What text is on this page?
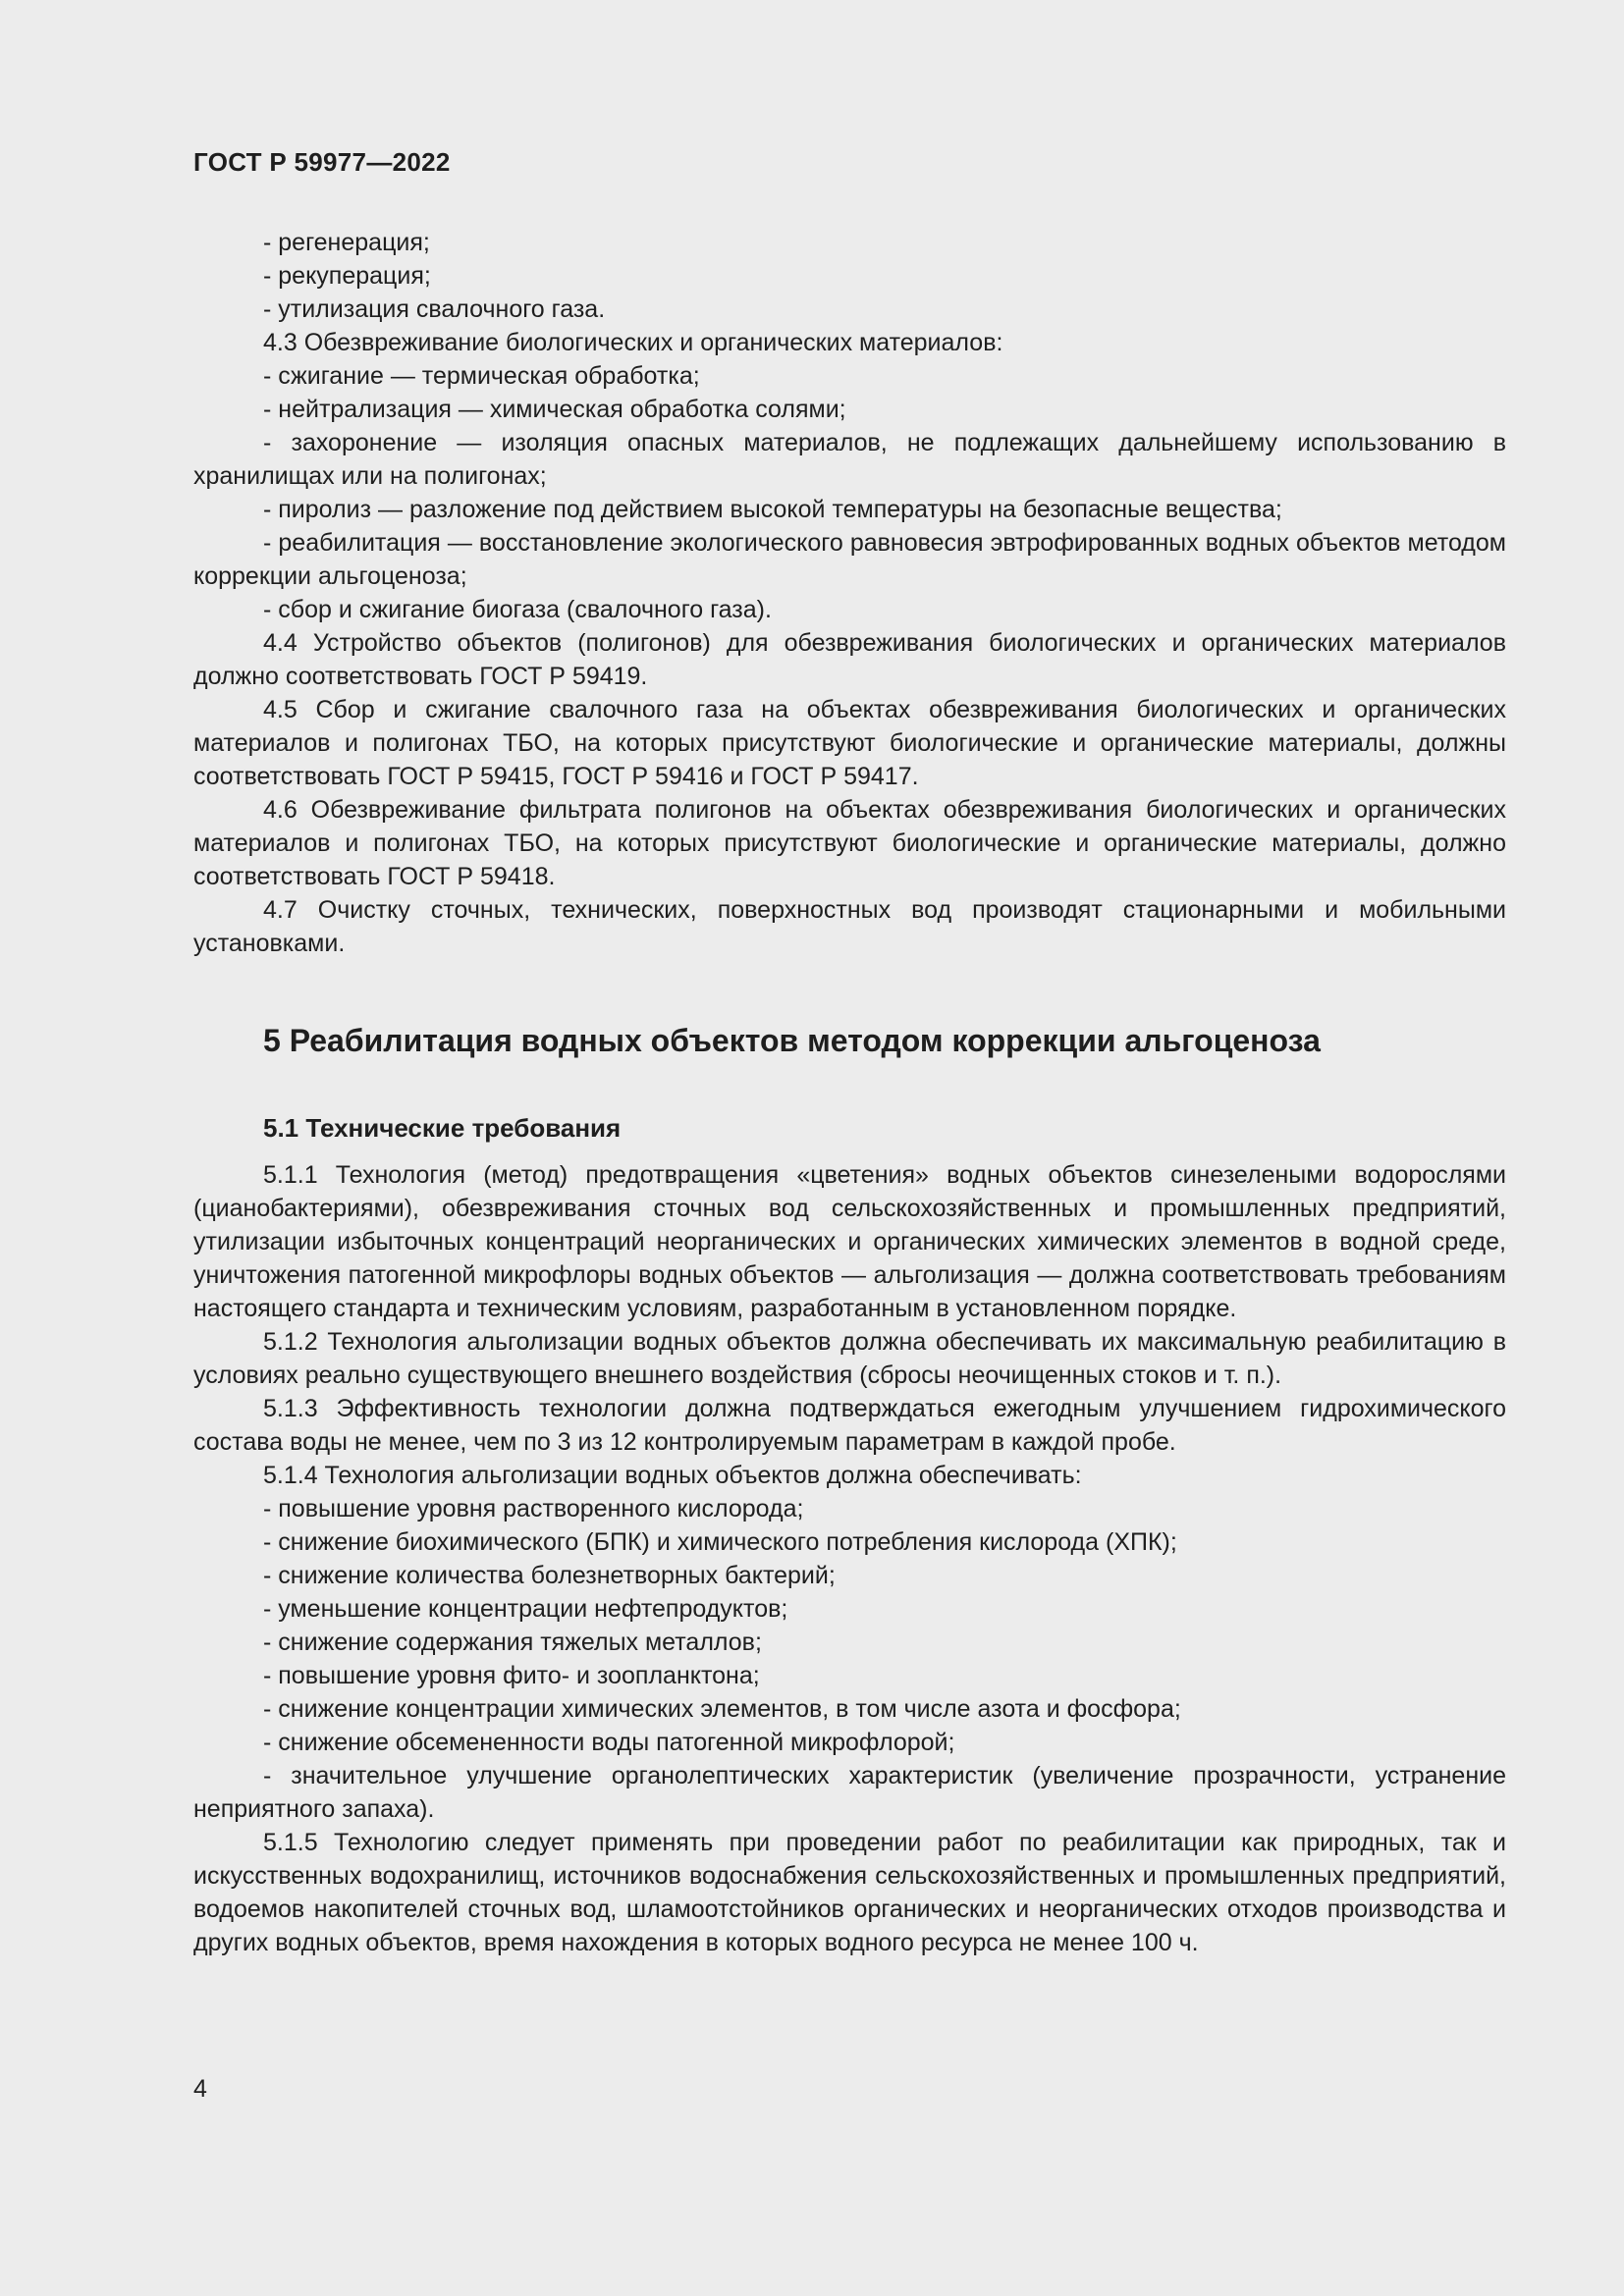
ГОСТ Р 59977—2022

- регенерация;

- рекуперация;

- утилизация свалочного газа.

4.3 Обезвреживание биологических и органических материалов:

- сжигание — термическая обработка;

- нейтрализация — химическая обработка солями;

- захоронение — изоляция опасных материалов, не подлежащих дальнейшему использованию в хранилищах или на полигонах;

- пиролиз — разложение под действием высокой температуры на безопасные вещества;

- реабилитация — восстановление экологического равновесия эвтрофированных водных объектов методом коррекции альгоценоза;

- сбор и сжигание биогаза (свалочного газа).

4.4 Устройство объектов (полигонов) для обезвреживания биологических и органических материалов должно соответствовать ГОСТ Р 59419.

4.5 Сбор и сжигание свалочного газа на объектах обезвреживания биологических и органических материалов и полигонах ТБО, на которых присутствуют биологические и органические материалы, должны соответствовать ГОСТ Р 59415, ГОСТ Р 59416 и ГОСТ Р 59417.

4.6 Обезвреживание фильтрата полигонов на объектах обезвреживания биологических и органических материалов и полигонах ТБО, на которых присутствуют биологические и органические материалы, должно соответствовать ГОСТ Р 59418.

4.7 Очистку сточных, технических, поверхностных вод производят стационарными и мобильными установками.

5 Реабилитация водных объектов методом коррекции альгоценоза
5.1 Технические требования

5.1.1 Технология (метод) предотвращения «цветения» водных объектов синезелеными водорослями (цианобактериями), обезвреживания сточных вод сельскохозяйственных и промышленных предприятий, утилизации избыточных концентраций неорганических и органических химических элементов в водной среде, уничтожения патогенной микрофлоры водных объектов — альголизация — должна соответствовать требованиям настоящего стандарта и техническим условиям, разработанным в установленном порядке.

5.1.2 Технология альголизации водных объектов должна обеспечивать их максимальную реабилитацию в условиях реально существующего внешнего воздействия (сбросы неочищенных стоков и т. п.).

5.1.3 Эффективность технологии должна подтверждаться ежегодным улучшением гидрохимического состава воды не менее, чем по 3 из 12 контролируемым параметрам в каждой пробе.

5.1.4 Технология альголизации водных объектов должна обеспечивать:

- повышение уровня растворенного кислорода;

- снижение биохимического (БПК) и химического потребления кислорода (ХПК);

- снижение количества болезнетворных бактерий;

- уменьшение концентрации нефтепродуктов;

- снижение содержания тяжелых металлов;

- повышение уровня фито- и зоопланктона;

- снижение концентрации химических элементов, в том числе азота и фосфора;

- снижение обсемененности воды патогенной микрофлорой;

- значительное улучшение органолептических характеристик (увеличение прозрачности, устранение неприятного запаха).

5.1.5 Технологию следует применять при проведении работ по реабилитации как природных, так и искусственных водохранилищ, источников водоснабжения сельскохозяйственных и промышленных предприятий, водоемов накопителей сточных вод, шламоотстойников органических и неорганических отходов производства и других водных объектов, время нахождения в которых водного ресурса не менее 100 ч.

4
